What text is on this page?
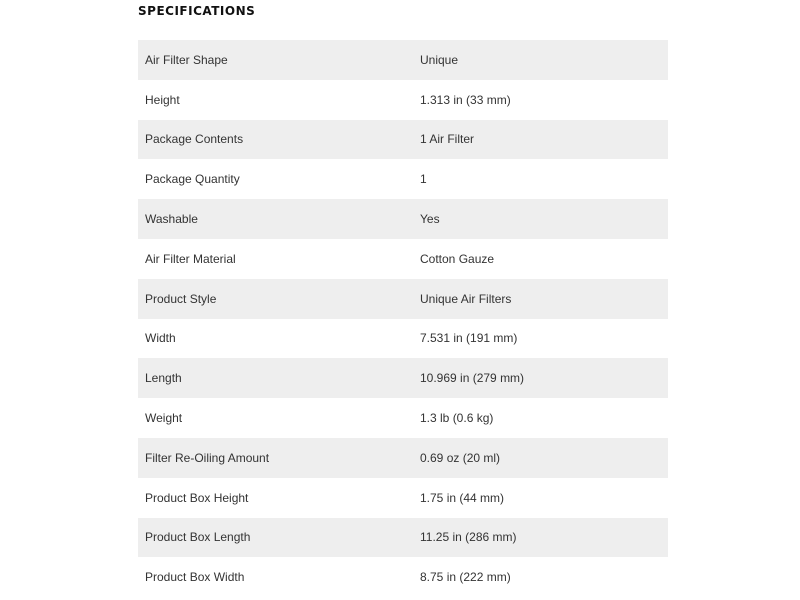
SPECIFICATIONS
Air Filter Shape	Unique
Height	1.313 in (33 mm)
Package Contents	1 Air Filter
Package Quantity	1
Washable	Yes
Air Filter Material	Cotton Gauze
Product Style	Unique Air Filters
Width	7.531 in (191 mm)
Length	10.969 in (279 mm)
Weight	1.3 lb (0.6 kg)
Filter Re-Oiling Amount	0.69 oz (20 ml)
Product Box Height	1.75 in (44 mm)
Product Box Length	11.25 in (286 mm)
Product Box Width	8.75 in (222 mm)
